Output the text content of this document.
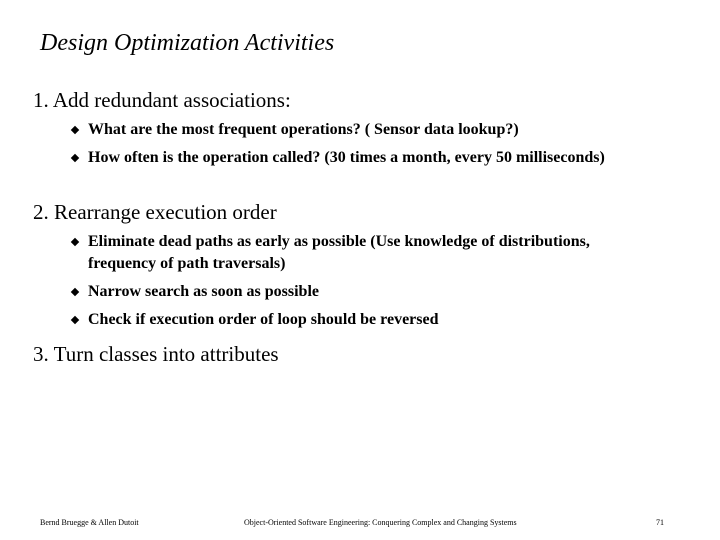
Design Optimization Activities
1. Add redundant associations:
What are the most frequent operations? ( Sensor data lookup?)
How often is the operation called? (30 times a month, every 50 milliseconds)
2. Rearrange execution order
Eliminate dead paths as early as possible (Use knowledge of distributions, frequency of path traversals)
Narrow search as soon as possible
Check if execution order of loop should be reversed
3. Turn classes into attributes
Bernd Bruegge & Allen Dutoit	Object-Oriented Software Engineering: Conquering Complex and Changing Systems	71
